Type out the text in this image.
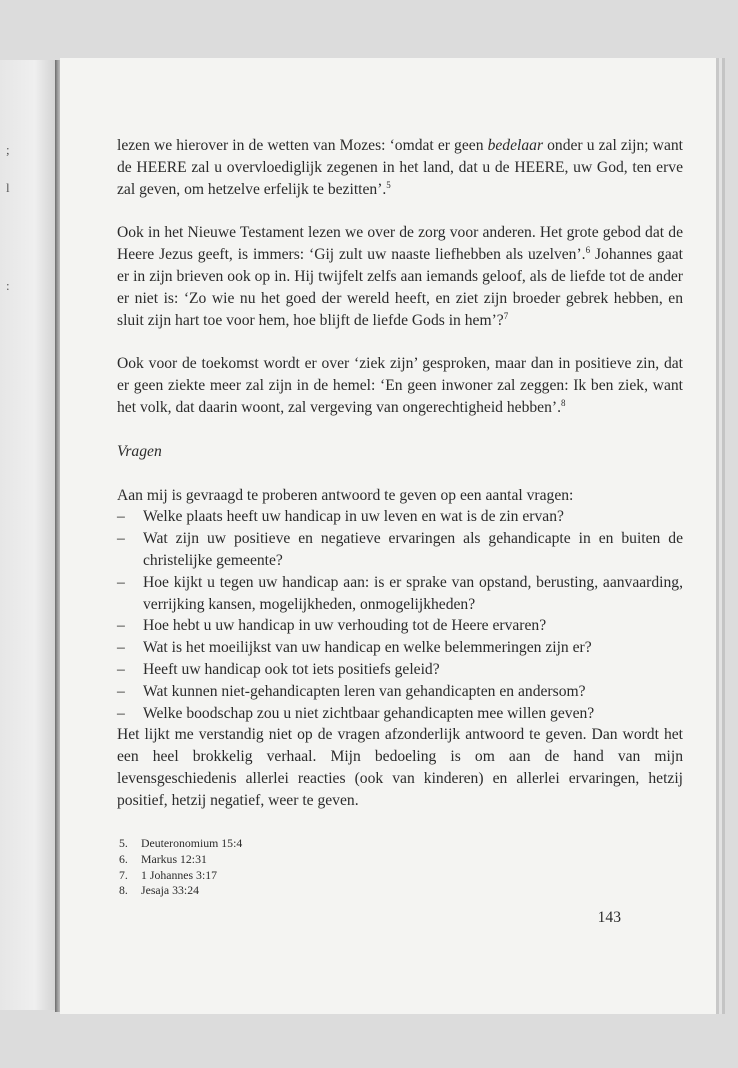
;
l
:

lezen we hierover in de wetten van Mozes: ‘omdat er geen bedelaar onder u zal zijn; want de HEERE zal u overvloediglijk zegenen in het land, dat u de HEERE, uw God, ten erve zal geven, om hetzelve erfelijk te bezitten’.$^5$

Ook in het Nieuwe Testament lezen we over de zorg voor anderen. Het grote gebod dat de Heere Jezus geeft, is immers: ‘Gij zult uw naaste liefhebben als uzelven’.$^6$ Johannes gaat er in zijn brieven ook op in. Hij twijfelt zelfs aan iemands geloof, als de liefde tot de ander er niet is: ‘Zo wie nu het goed der wereld heeft, en ziet zijn broeder gebrek hebben, en sluit zijn hart toe voor hem, hoe blijft de liefde Gods in hem’?$^7$

Ook voor de toekomst wordt er over ‘ziek zijn’ gesproken, maar dan in positieve zin, dat er geen ziekte meer zal zijn in de hemel: ‘En geen inwoner zal zeggen: Ik ben ziek, want het volk, dat daarin woont, zal vergeving van ongerechtigheid hebben’.$^8$

Vragen
Aan mij is gevraagd te proberen antwoord te geven op een aantal vragen:
– Welke plaats heeft uw handicap in uw leven en wat is de zin ervan?
– Wat zijn uw positieve en negatieve ervaringen als gehandicapte in en buiten de christelijke gemeente?
– Hoe kijkt u tegen uw handicap aan: is er sprake van opstand, berusting, aanvaarding, verrijking kansen, mogelijkheden, onmogelijkheden?
– Hoe hebt u uw handicap in uw verhouding tot de Heere ervaren?
– Wat is het moeilijkst van uw handicap en welke belemmeringen zijn er?
– Heeft uw handicap ook tot iets positiefs geleid?
– Wat kunnen niet-gehandicapten leren van gehandicapten en andersom?
– Welke boodschap zou u niet zichtbaar gehandicapten mee willen geven?

Het lijkt me verstandig niet op de vragen afzonderlijk antwoord te geven. Dan wordt het een heel brokkelig verhaal. Mijn bedoeling is om aan de hand van mijn levensgeschiedenis allerlei reacties (ook van kinderen) en allerlei ervaringen, hetzij positief, hetzij negatief, weer te geven.

5.	Deuteronomium 15:4
6.	Markus 12:31
7.	1 Johannes 3:17
8.	Jesaja 33:24
143
